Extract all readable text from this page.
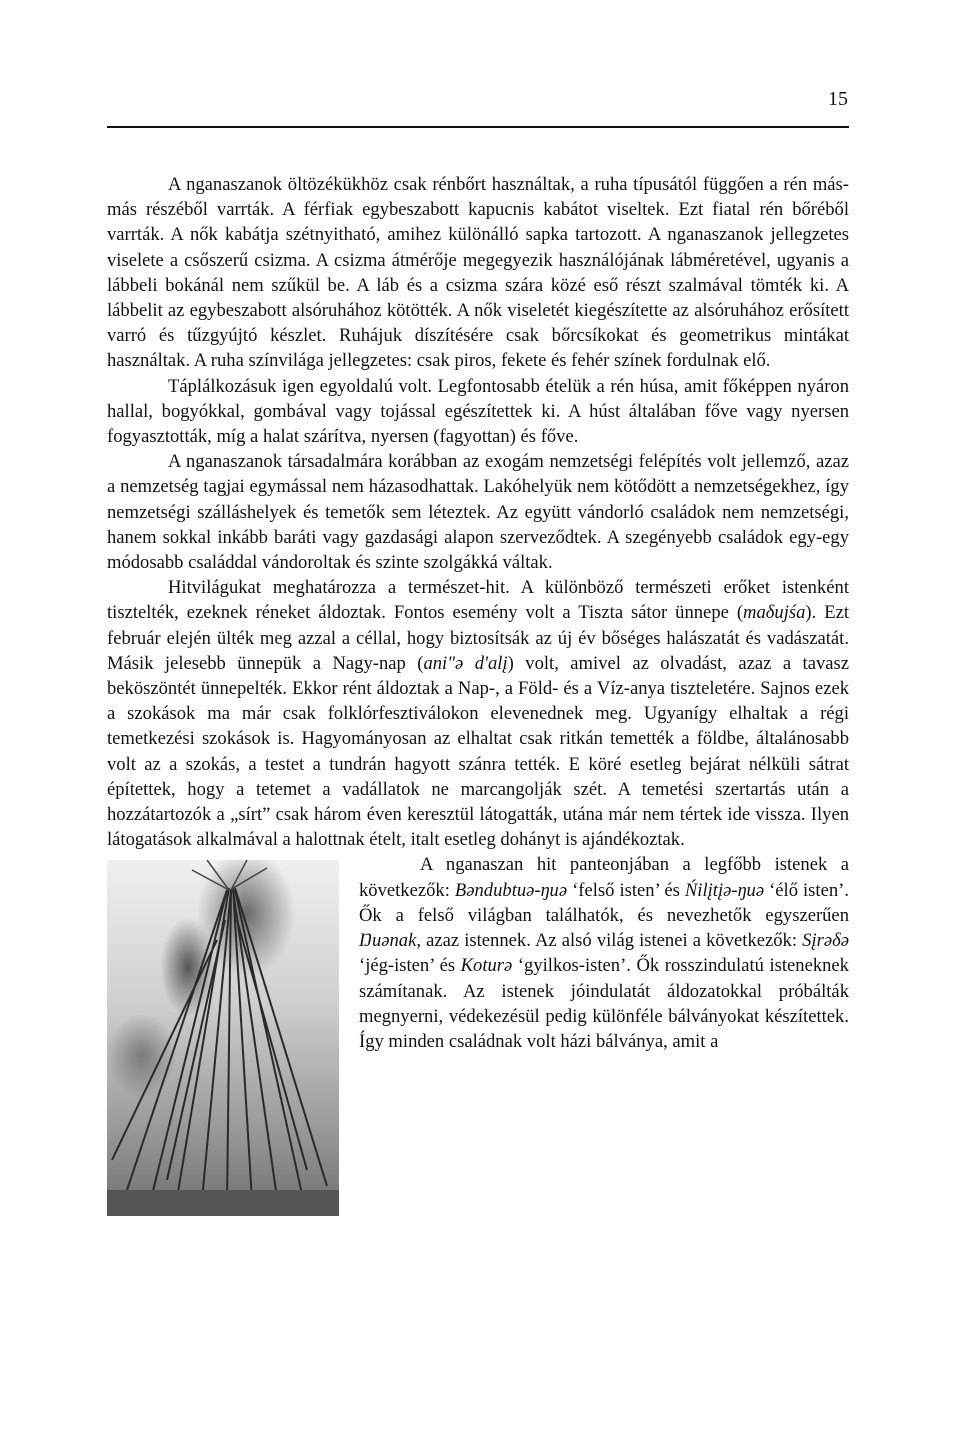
15

A nganaszanok öltözékükhöz csak rénbőrt használtak, a ruha típusától függően a rén más-más részéből varrták. A férfiak egybeszabott kapucnis kabátot viseltek. Ezt fiatal rén bőréből varrták. A nők kabátja szétnyitható, amihez különálló sapka tartozott. A nganaszanok jellegzetes viselete a csőszerű csizma. A csizma átmérője megegyezik használójának lábméretével, ugyanis a lábbeli bokánál nem szűkül be. A láb és a csizma szára közé eső részt szalmával tömték ki. A lábbelit az egybeszabott alsóruhához kötötték. A nők viseletét kiegészítette az alsóruhához erősített varró és tűzgyújtó készlet. Ruhájuk díszítésére csak bőrcsíkokat és geometrikus mintákat használtak. A ruha színvilága jellegzetes: csak piros, fekete és fehér színek fordulnak elő.

Táplálkozásuk igen egyoldalú volt. Legfontosabb ételük a rén húsa, amit főképpen nyáron hallal, bogyókkal, gombával vagy tojással egészítettek ki. A húst általában főve vagy nyersen fogyasztották, míg a halat szárítva, nyersen (fagyottan) és főve.

A nganaszanok társadalmára korábban az exogám nemzetségi felépítés volt jellemző, azaz a nemzetség tagjai egymással nem házasodhattak. Lakóhelyük nem kötődött a nemzetségekhez, így nemzetségi szálláshelyek és temetők sem léteztek. Az együtt vándorló családok nem nemzetségi, hanem sokkal inkább baráti vagy gazdasági alapon szerveződtek. A szegényebb családok egy-egy módosabb családdal vándoroltak és szinte szolgákká váltak.

Hitvilágukat meghatározza a természet-hit. A különböző természeti erőket istenként tisztelték, ezeknek réneket áldoztak. Fontos esemény volt a Tiszta sátor ünnepe (maδujśa). Ezt február elején ülték meg azzal a céllal, hogy biztosítsák az új év bőséges halászatát és vadászatát. Másik jelesebb ünnepük a Nagy-nap (ani"ə d'alį) volt, amivel az olvadást, azaz a tavasz beköszöntét ünnepelték. Ekkor rént áldoztak a Nap-, a Föld- és a Víz-anya tiszteletére. Sajnos ezek a szokások ma már csak folklórfesztiválokon elevenednek meg. Ugyanígy elhaltak a régi temetkezési szokások is. Hagyományosan az elhaltat csak ritkán temették a földbe, általánosabb volt az a szokás, a testet a tundrán hagyott szánra tették. E köré esetleg bejárat nélküli sátrat építettek, hogy a tetemet a vadállatok ne marcangolják szét. A temetési szertartás után a hozzátartozók a „sírt” csak három éven keresztül látogatták, utána már nem tértek ide vissza. Ilyen látogatások alkalmával a halottnak ételt, italt esetleg dohányt is ajándékoztak.

A nganaszan hit panteonjában a legfőbb istenek a következők: Bəndubtuə-ŋuə ‘felső isten’ és Ńilįtįə-ŋuə ‘élő isten’. Ők a felső világban találhatók, és nevezhetők egyszerűen Ŋuənak, azaz istennek. Az alsó világ istenei a következők: Sįrəδə ‘jég-isten’ és Koturə ‘gyilkos-isten’. Ők rosszindulatú isteneknek számítanak. Az istenek jóindulatát áldozatokkal próbálták megnyerni, védekezésül pedig különféle bálványokat készítettek. Így minden családnak volt házi bálványa, amit a
